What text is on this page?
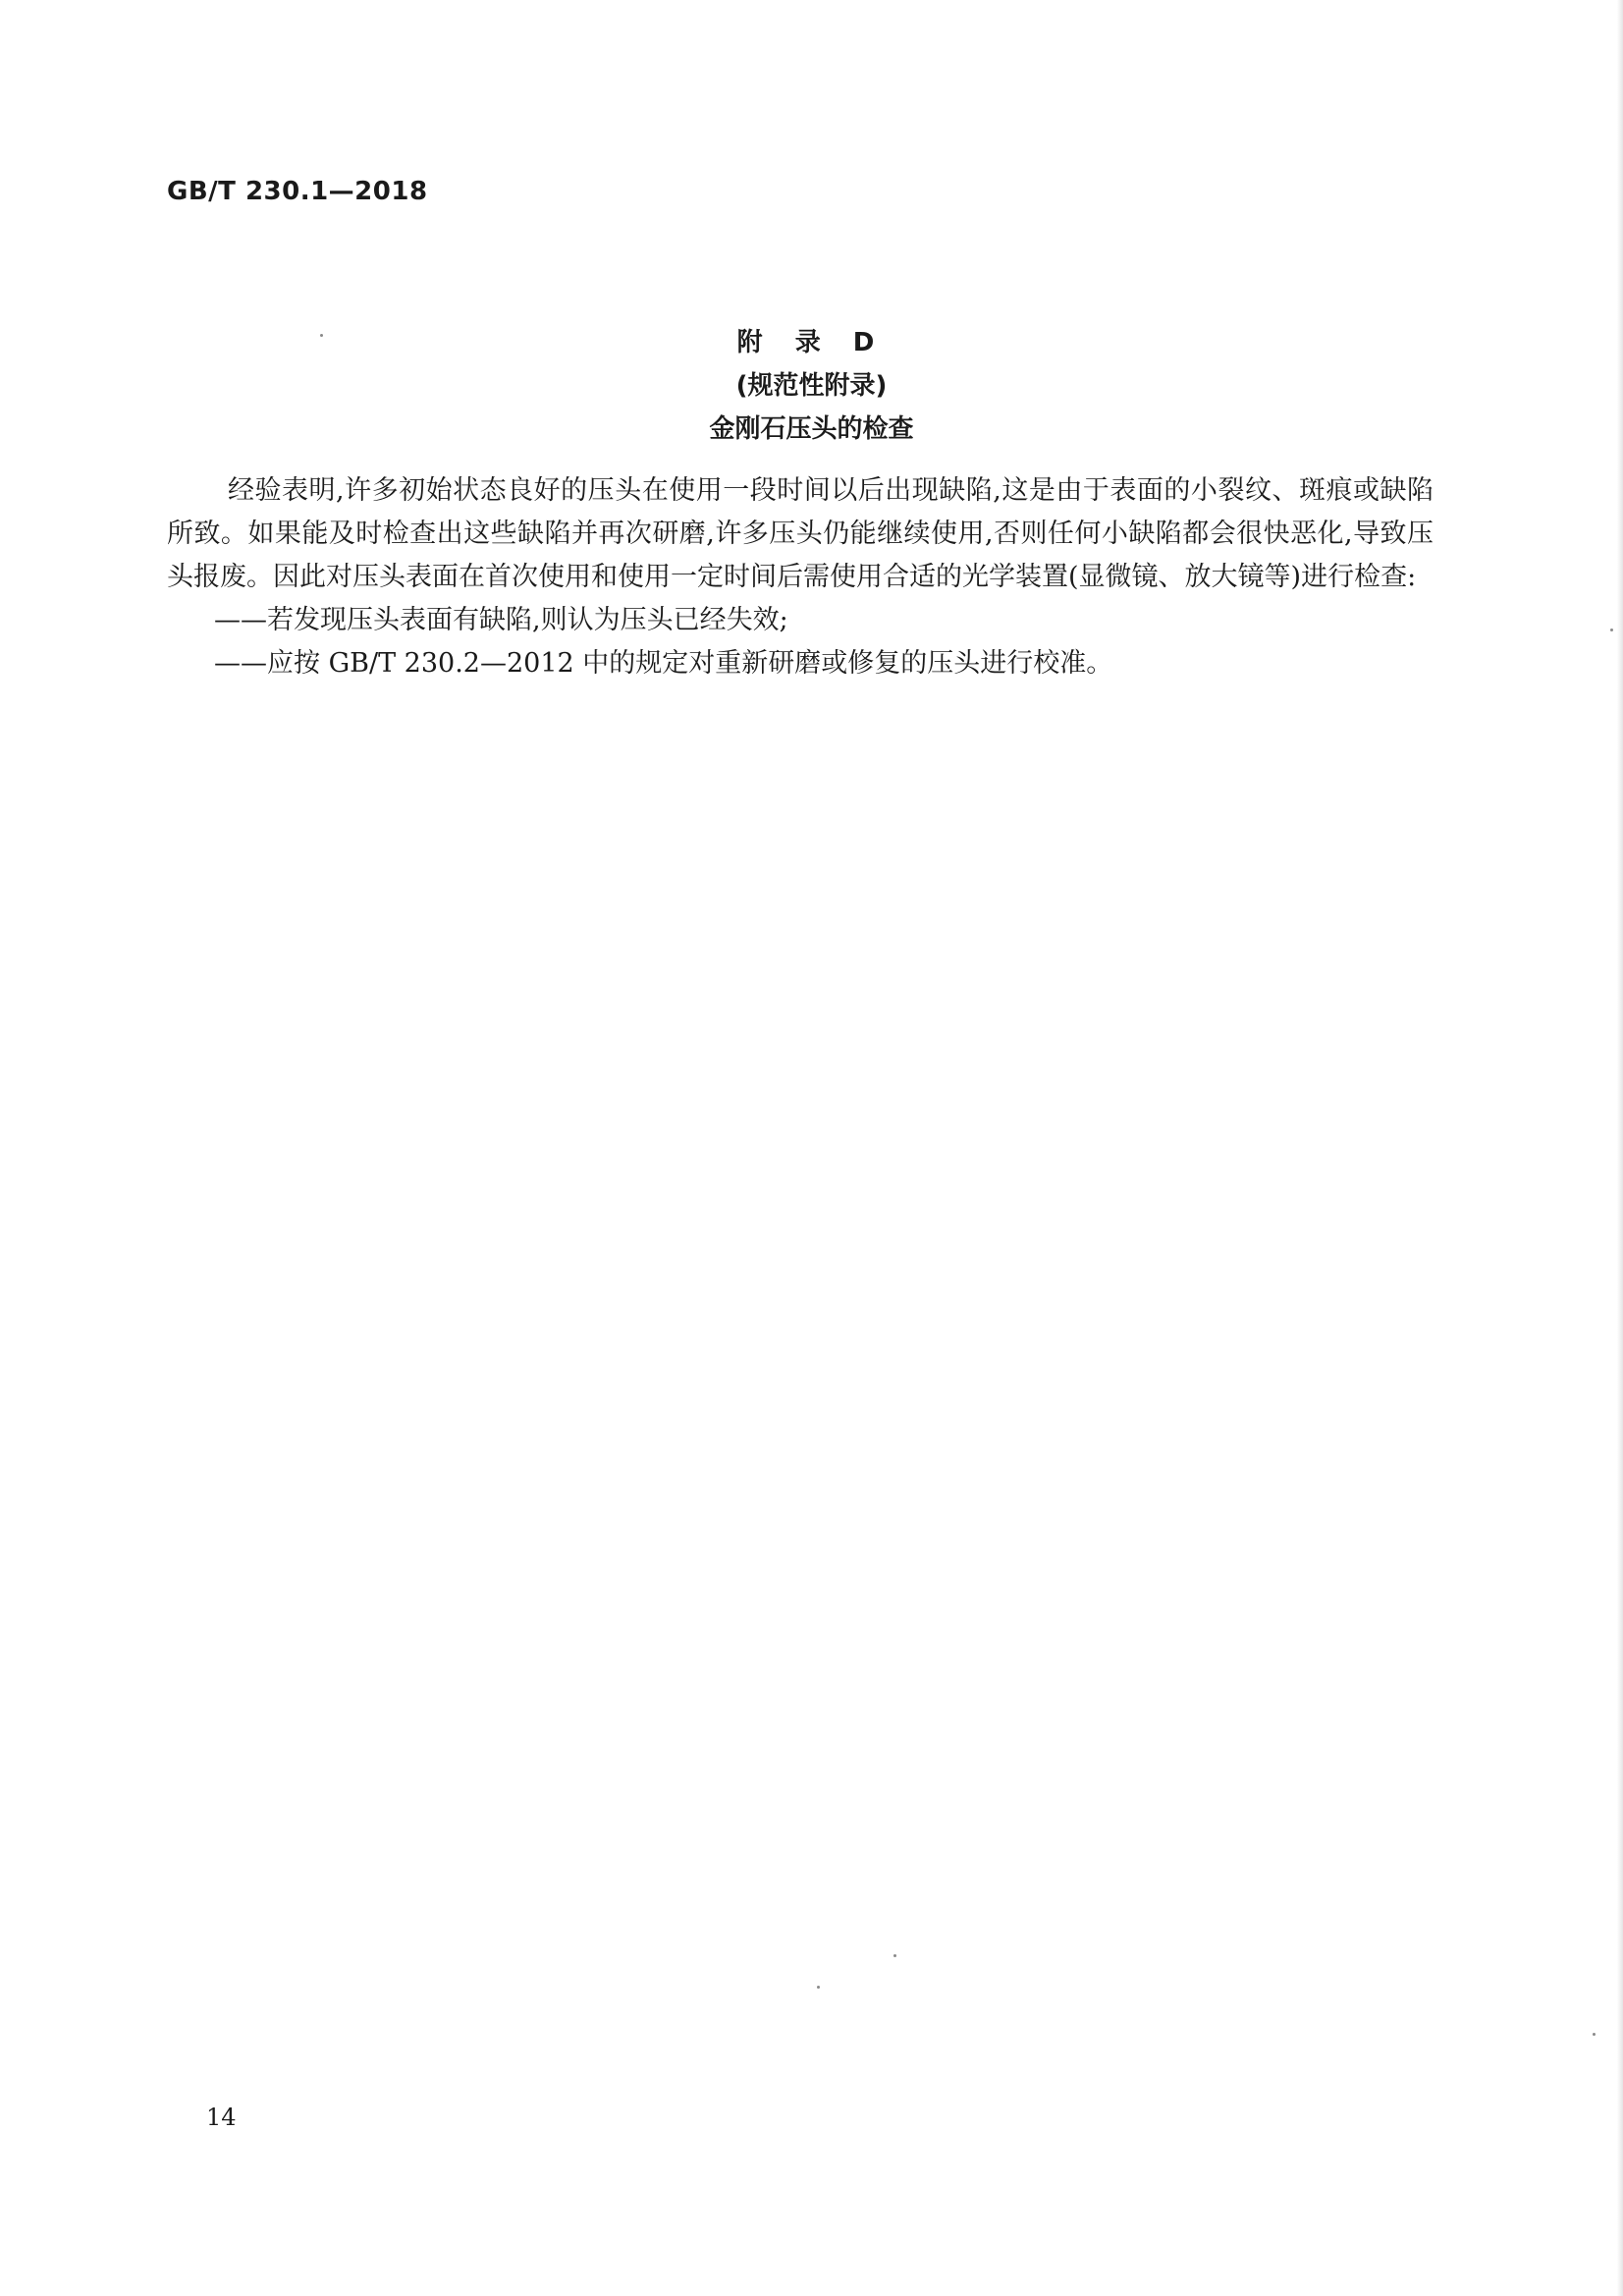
GB/T 230.1—2018
附 录 D
(规范性附录)
金刚石压头的检查

经验表明,许多初始状态良好的压头在使用一段时间以后出现缺陷,这是由于表面的小裂纹、斑痕或缺陷所致。如果能及时检查出这些缺陷并再次研磨,许多压头仍能继续使用,否则任何小缺陷都会很快恶化,导致压头报废。因此对压头表面在首次使用和使用一定时间后需使用合适的光学装置(显微镜、放大镜等)进行检查:

——若发现压头表面有缺陷,则认为压头已经失效;

——应按 GB/T 230.2—2012 中的规定对重新研磨或修复的压头进行校准。

14
